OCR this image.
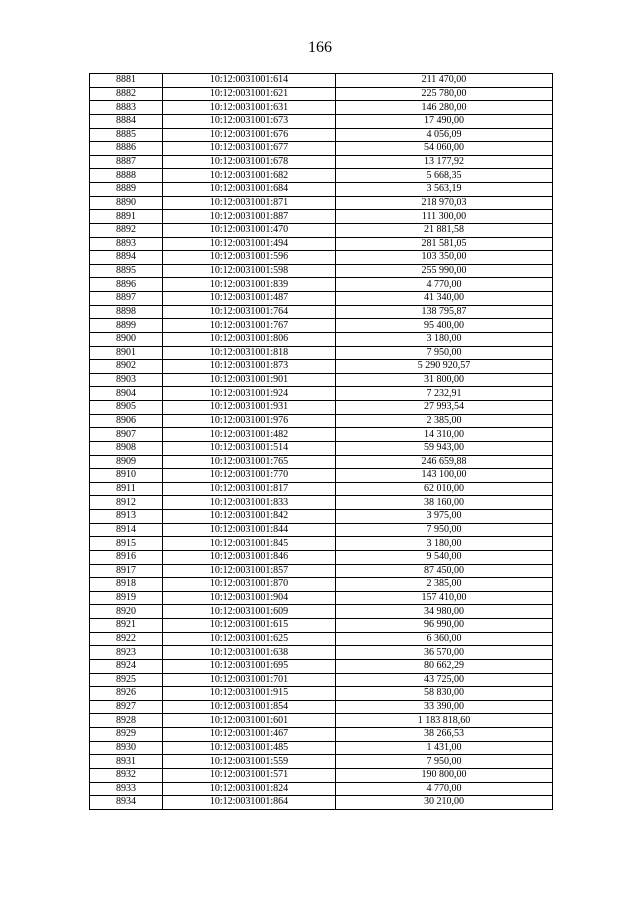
166
8881	10:12:0031001:614	211 470,00
8882	10:12:0031001:621	225 780,00
8883	10:12:0031001:631	146 280,00
8884	10:12:0031001:673	17 490,00
8885	10:12:0031001:676	4 056,09
8886	10:12:0031001:677	54 060,00
8887	10:12:0031001:678	13 177,92
8888	10:12:0031001:682	5 668,35
8889	10:12:0031001:684	3 563,19
8890	10:12:0031001:871	218 970,03
8891	10:12:0031001:887	111 300,00
8892	10:12:0031001:470	21 881,58
8893	10:12:0031001:494	281 581,05
8894	10:12:0031001:596	103 350,00
8895	10:12:0031001:598	255 990,00
8896	10:12:0031001:839	4 770,00
8897	10:12:0031001:487	41 340,00
8898	10:12:0031001:764	138 795,87
8899	10:12:0031001:767	95 400,00
8900	10:12:0031001:806	3 180,00
8901	10:12:0031001:818	7 950,00
8902	10:12:0031001:873	5 290 920,57
8903	10:12:0031001:901	31 800,00
8904	10:12:0031001:924	7 232,91
8905	10:12:0031001:931	27 993,54
8906	10:12:0031001:976	2 385,00
8907	10:12:0031001:482	14 310,00
8908	10:12:0031001:514	59 943,00
8909	10:12:0031001:765	246 659,88
8910	10:12:0031001:770	143 100,00
8911	10:12:0031001:817	62 010,00
8912	10:12:0031001:833	38 160,00
8913	10:12:0031001:842	3 975,00
8914	10:12:0031001:844	7 950,00
8915	10:12:0031001:845	3 180,00
8916	10:12:0031001:846	9 540,00
8917	10:12:0031001:857	87 450,00
8918	10:12:0031001:870	2 385,00
8919	10:12:0031001:904	157 410,00
8920	10:12:0031001:609	34 980,00
8921	10:12:0031001:615	96 990,00
8922	10:12:0031001:625	6 360,00
8923	10:12:0031001:638	36 570,00
8924	10:12:0031001:695	80 662,29
8925	10:12:0031001:701	43 725,00
8926	10:12:0031001:915	58 830,00
8927	10:12:0031001:854	33 390,00
8928	10:12:0031001:601	1 183 818,60
8929	10:12:0031001:467	38 266,53
8930	10:12:0031001:485	1 431,00
8931	10:12:0031001:559	7 950,00
8932	10:12:0031001:571	190 800,00
8933	10:12:0031001:824	4 770,00
8934	10:12:0031001:864	30 210,00
